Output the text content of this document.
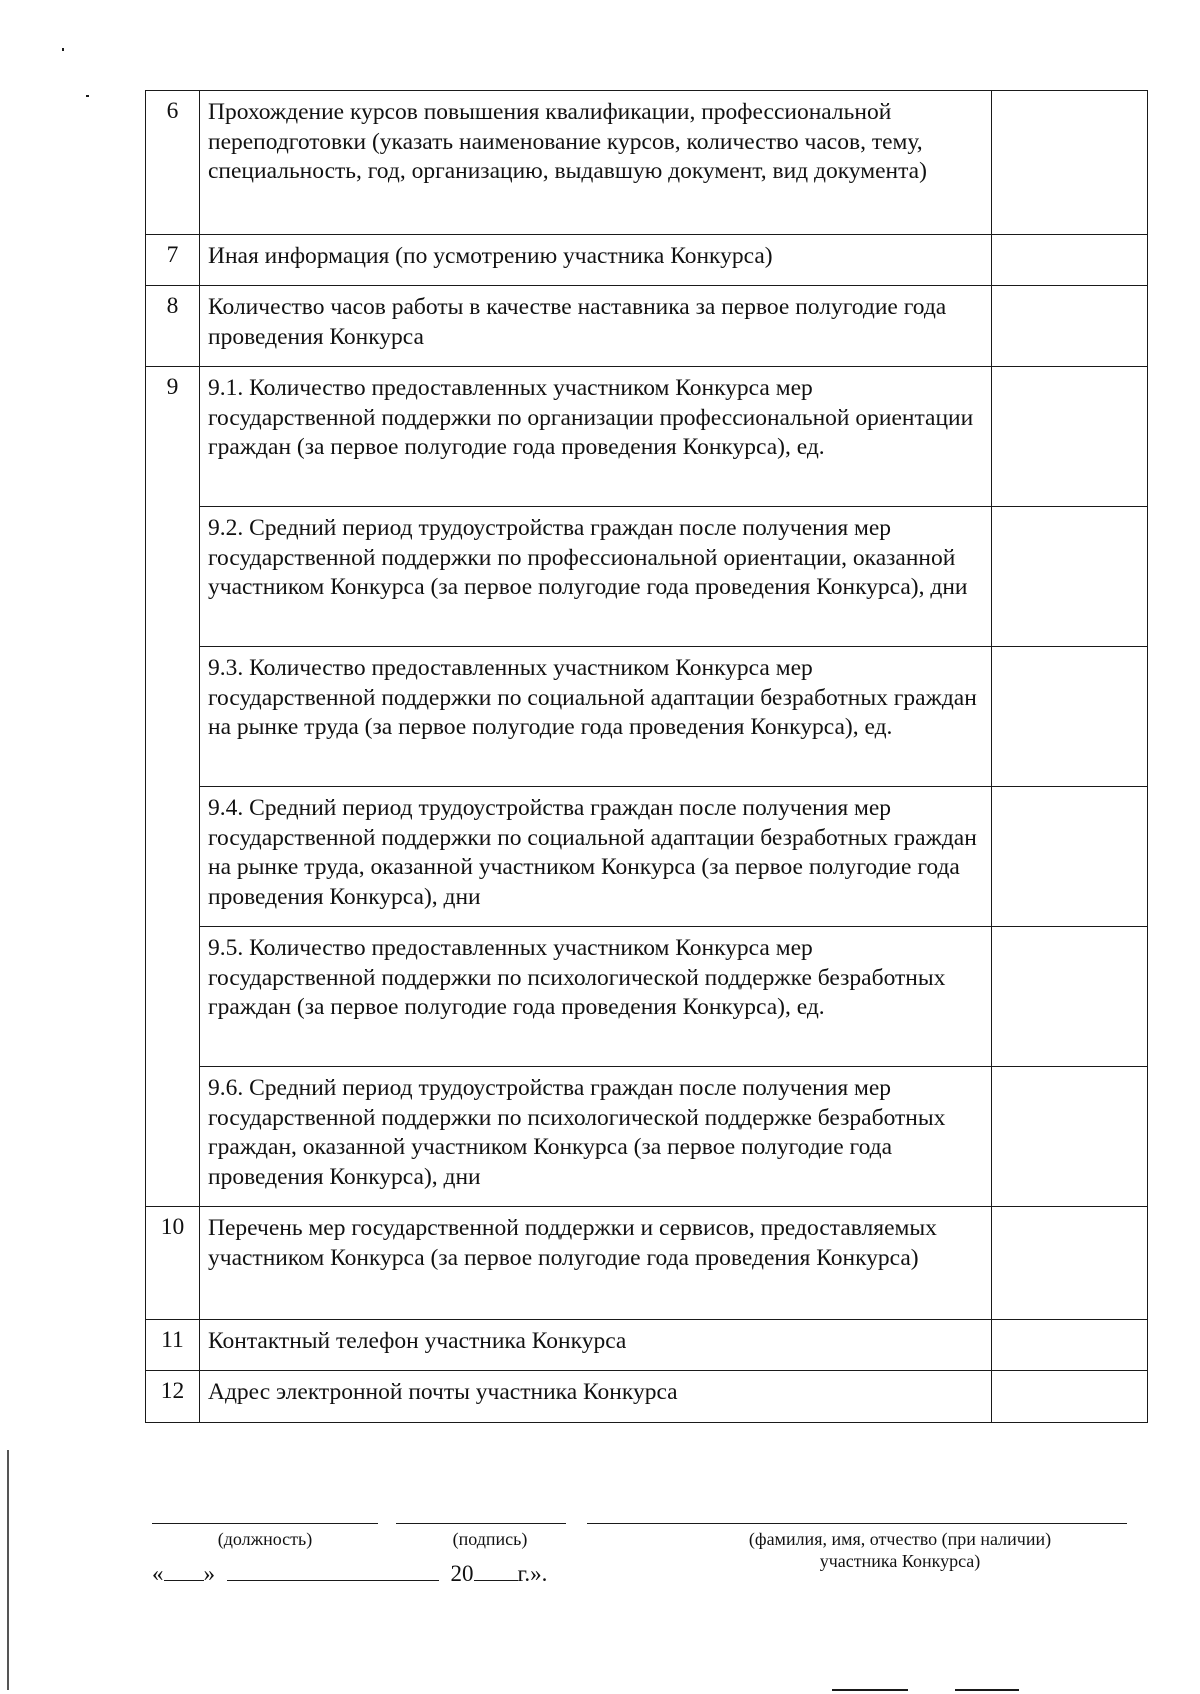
6	Прохождение курсов повышения квалификации, профессиональной переподготовки (указать наименование курсов, количество часов, тему, специальность, год, организацию, выдавшую документ, вид документа)	
7	Иная информация (по усмотрению участника Конкурса)	
8	Количество часов работы в качестве наставника за первое полугодие года проведения Конкурса	
9	9.1. Количество предоставленных участником Конкурса мер государственной поддержки по организации профессиональной ориентации граждан (за первое полугодие года проведения Конкурса), ед.	
	9.2. Средний период трудоустройства граждан после получения мер государственной поддержки по профессиональной ориентации, оказанной участником Конкурса (за первое полугодие года проведения Конкурса), дни	
	9.3. Количество предоставленных участником Конкурса мер государственной поддержки по социальной адаптации безработных граждан на рынке труда (за первое полугодие года проведения Конкурса), ед.	
	9.4. Средний период трудоустройства граждан после получения мер государственной поддержки по социальной адаптации безработных граждан на рынке труда, оказанной участником Конкурса (за первое полугодие года проведения Конкурса), дни	
	9.5. Количество предоставленных участником Конкурса мер государственной поддержки по психологической поддержке безработных граждан (за первое полугодие года проведения Конкурса), ед.	
	9.6. Средний период трудоустройства граждан после получения мер государственной поддержки по психологической поддержке безработных граждан, оказанной участником Конкурса (за первое полугодие года проведения Конкурса), дни	
10	Перечень мер государственной поддержки и сервисов, предоставляемых участником Конкурса (за первое полугодие года проведения Конкурса)	
11	Контактный телефон участника Конкурса	
12	Адрес электронной почты участника Конкурса	
(должность)	(подпись)	(фамилия, имя, отчество (при наличии)
участника Конкурса)
« »	20 г.».
